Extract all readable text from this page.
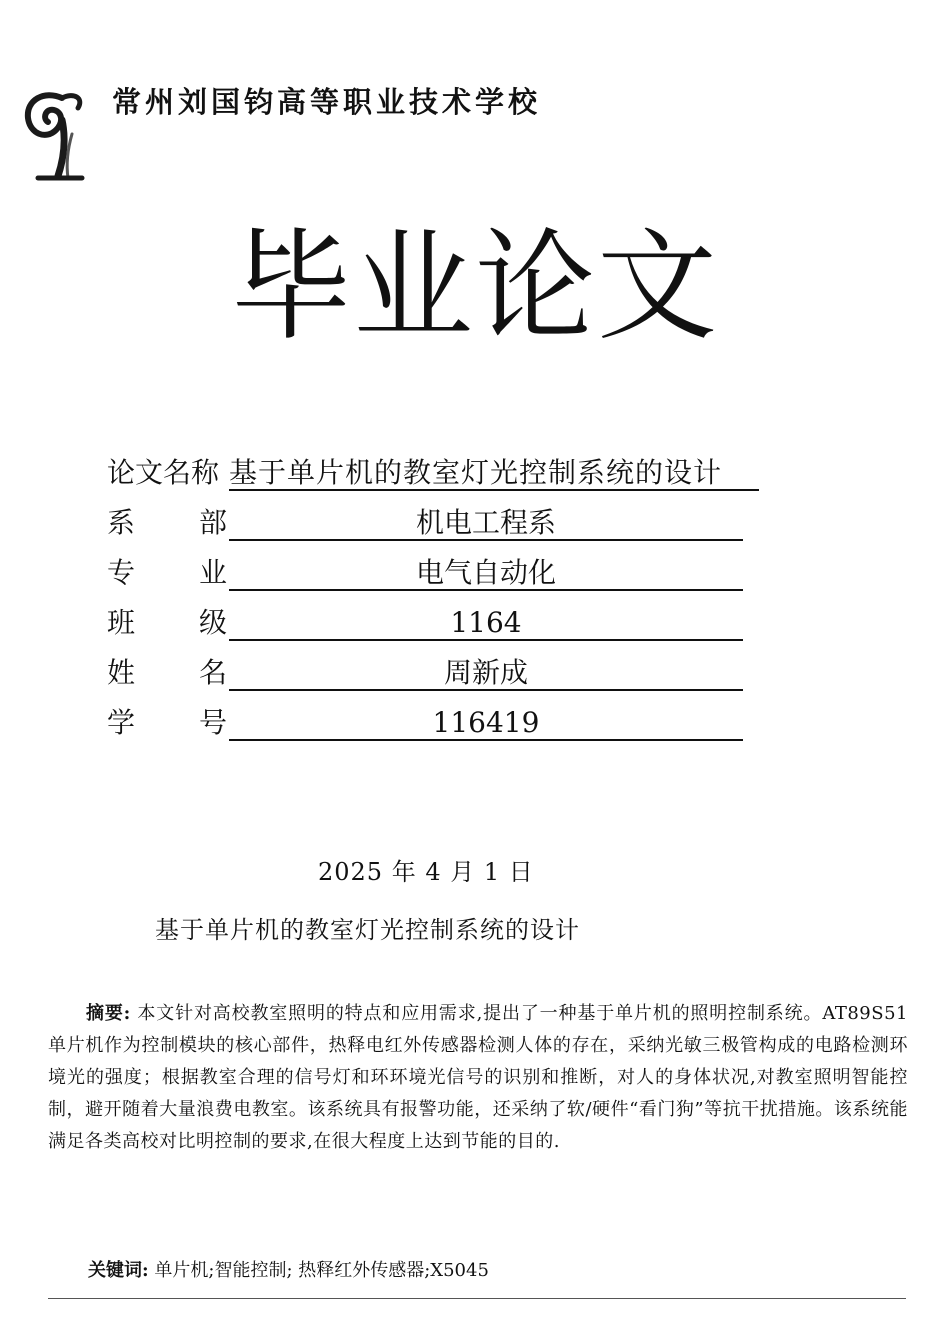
常州刘国钧高等职业技术学校
毕业论文
论文名称 基于单片机的教室灯光控制系统的设计
系 部	机电工程系
专 业	电气自动化
班 级	1164
姓 名	周新成
学 号	116419
2025 年 4 月 1 日
基于单片机的教室灯光控制系统的设计
摘要: 本文针对高校教室照明的特点和应用需求,提出了一种基于单片机的照明控制系统。AT89S51 单片机作为控制模块的核心部件，热释电红外传感器检测人体的存在，采纳光敏三极管构成的电路检测环境光的强度；根据教室合理的信号灯和环环境光信号的识别和推断，对人的身体状况,对教室照明智能控制，避开随着大量浪费电教室。该系统具有报警功能，还采纳了软/硬件“看门狗”等抗干扰措施。该系统能满足各类高校对比明控制的要求,在很大程度上达到节能的目的.
关键词: 单片机;智能控制; 热释红外传感器;X5045
